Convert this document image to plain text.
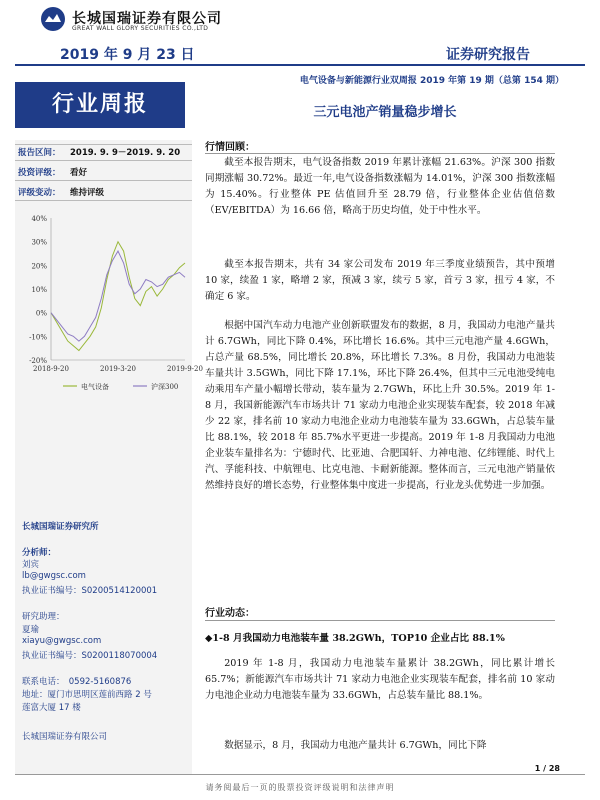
长城国瑞证券有限公司
GREAT WALL GLORY SECURITIES CO.,LTD
2019 年 9 月 23 日	证券研究报告
电气设备与新能源行业双周报 2019 年第 19 期（总第 154 期）
行业周报	三元电池产销量稳步增长
报告区间： 2019. 9. 9－2019. 9. 20
投资评级： 看好
评级变动： 维持评级
40%
30%
20%
10%
0%
-10%
-20%
2018-9-20	2019-3-20	2019-9-20
电气设备	沪深300
长城国瑞证券研究所
分析师：
刘宾
lb@gwgsc.com
执业证书编号：S0200514120001
研究助理：
夏瑜
xiayu@gwgsc.com
执业证书编号：S0200118070004
联系电话：　0592-5160876
地址：厦门市思明区莲前西路 2 号
莲富大厦 17 楼
长城国瑞证券有限公司
行情回顾：

截至本报告期末，电气设备指数 2019 年累计涨幅 21.63%。沪深 300 指数同期涨幅 30.72%。最近一年,电气设备指数涨幅为 14.01%，沪深 300 指数涨幅为 15.40%。行业整体 PE 估值回升至 28.79 倍，行业整体企业估值倍数（EV/EBITDA）为 16.66 倍，略高于历史均值，处于中性水平。

截至本报告期末，共有 34 家公司发布 2019 年三季度业绩预告，其中预增 10 家，续盈 1 家，略增 2 家，预减 3 家，续亏 5 家，首亏 3 家，扭亏 4 家，不确定 6 家。

根据中国汽车动力电池产业创新联盟发布的数据，8 月，我国动力电池产量共计 6.7GWh，同比下降 0.4%，环比增长 16.6%。其中三元电池产量 4.6GWh，占总产量 68.5%，同比增长 20.8%，环比增长 7.3%。8 月份，我国动力电池装车量共计 3.5GWh，同比下降 17.1%，环比下降 26.4%，但其中三元电池受纯电动乘用车产量小幅增长带动，装车量为 2.7GWh，环比上升 30.5%。2019 年 1-8 月，我国新能源汽车市场共计 71 家动力电池企业实现装车配套，较 2018 年减少 22 家，排名前 10 家动力电池企业动力电池装车量为 33.6GWh，占总装车量比 88.1%，较 2018 年 85.7%水平更进一步提高。2019 年 1-8 月我国动力电池企业装车量排名为：宁德时代、比亚迪、合肥国轩、力神电池、亿纬锂能、时代上汽、孚能科技、中航锂电、比克电池、卡耐新能源。整体而言，三元电池产销量依然维持良好的增长态势，行业整体集中度进一步提高，行业龙头优势进一步加强。

行业动态：
◆1-8 月我国动力电池装车量 38.2GWh，TOP10 企业占比 88.1%

2019 年 1-8 月，我国动力电池装车量累计 38.2GWh，同比累计增长 65.7%；新能源汽车市场共计 71 家动力电池企业实现装车配套，排名前 10 家动力电池企业动力电池装车量为 33.6GWh，占总装车量比 88.1%。

数据显示，8 月，我国动力电池产量共计 6.7GWh，同比下降

1 / 28
请务阅最后一页的股票投资评级说明和法律声明
